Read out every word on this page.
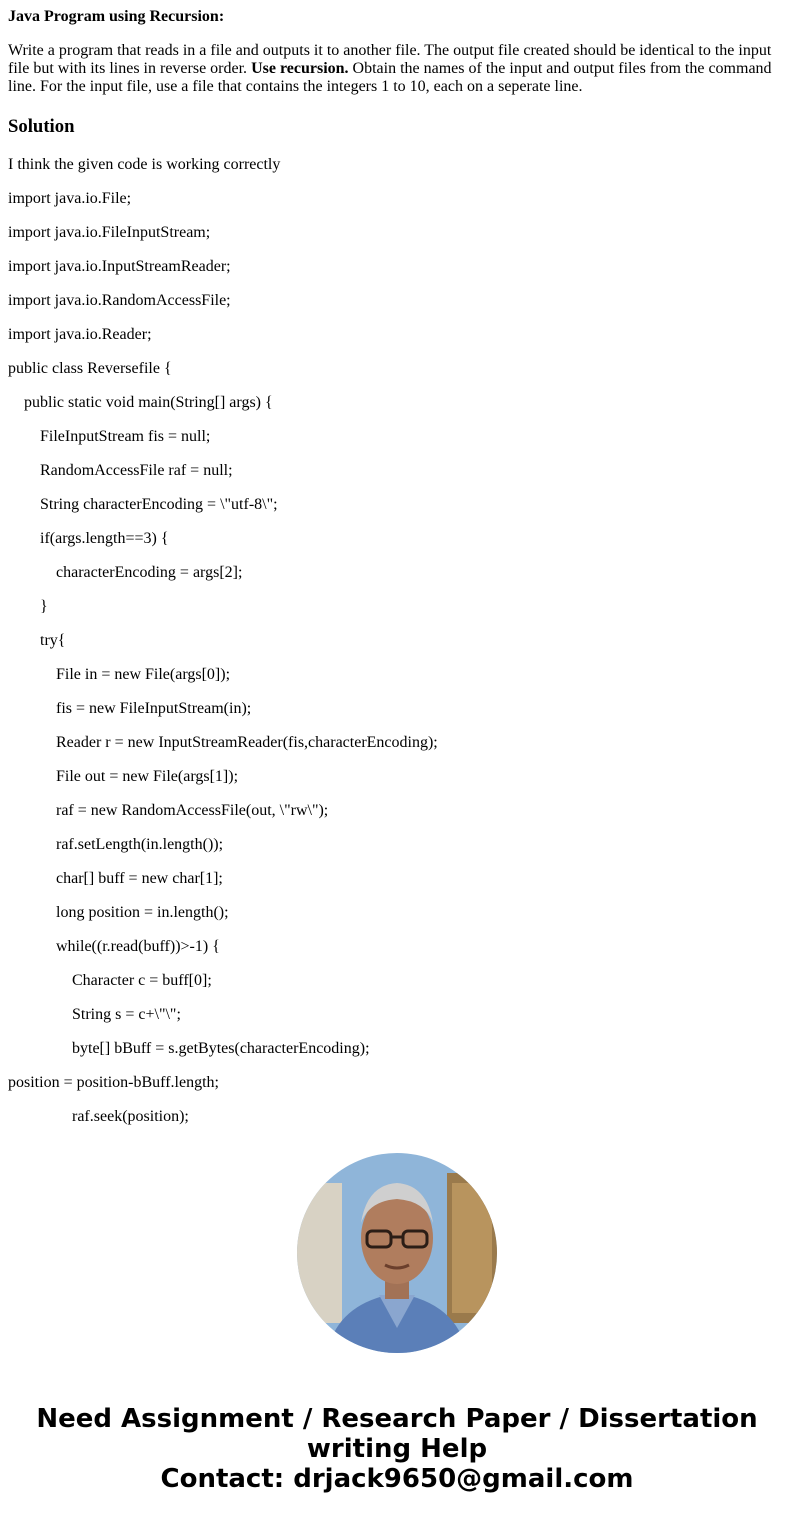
Java Program using Recursion:
Write a program that reads in a file and outputs it to another file. The output file created should be identical to the input file but with its lines in reverse order. Use recursion. Obtain the names of the input and output files from the command line. For the input file, use a file that contains the integers 1 to 10, each on a seperate line.
Solution
I think the given code is working correctly
import java.io.File;
import java.io.FileInputStream;
import java.io.InputStreamReader;
import java.io.RandomAccessFile;
import java.io.Reader;
public class Reversefile {
public static void main(String[] args) {
FileInputStream fis = null;
RandomAccessFile raf = null;
String characterEncoding = \"utf-8\";
if(args.length==3) {
characterEncoding = args[2];
}
try{
File in = new File(args[0]);
fis = new FileInputStream(in);
Reader r = new InputStreamReader(fis,characterEncoding);
File out = new File(args[1]);
raf = new RandomAccessFile(out, \"rw\");
raf.setLength(in.length());
char[] buff = new char[1];
long position = in.length();
while((r.read(buff))>-1) {
Character c = buff[0];
String s = c+\"\";
byte[] bBuff = s.getBytes(characterEncoding);
position = position-bBuff.length;
raf.seek(position);
Need Assignment / Research Paper / Dissertation
writing Help
Contact: drjack9650@gmail.com
